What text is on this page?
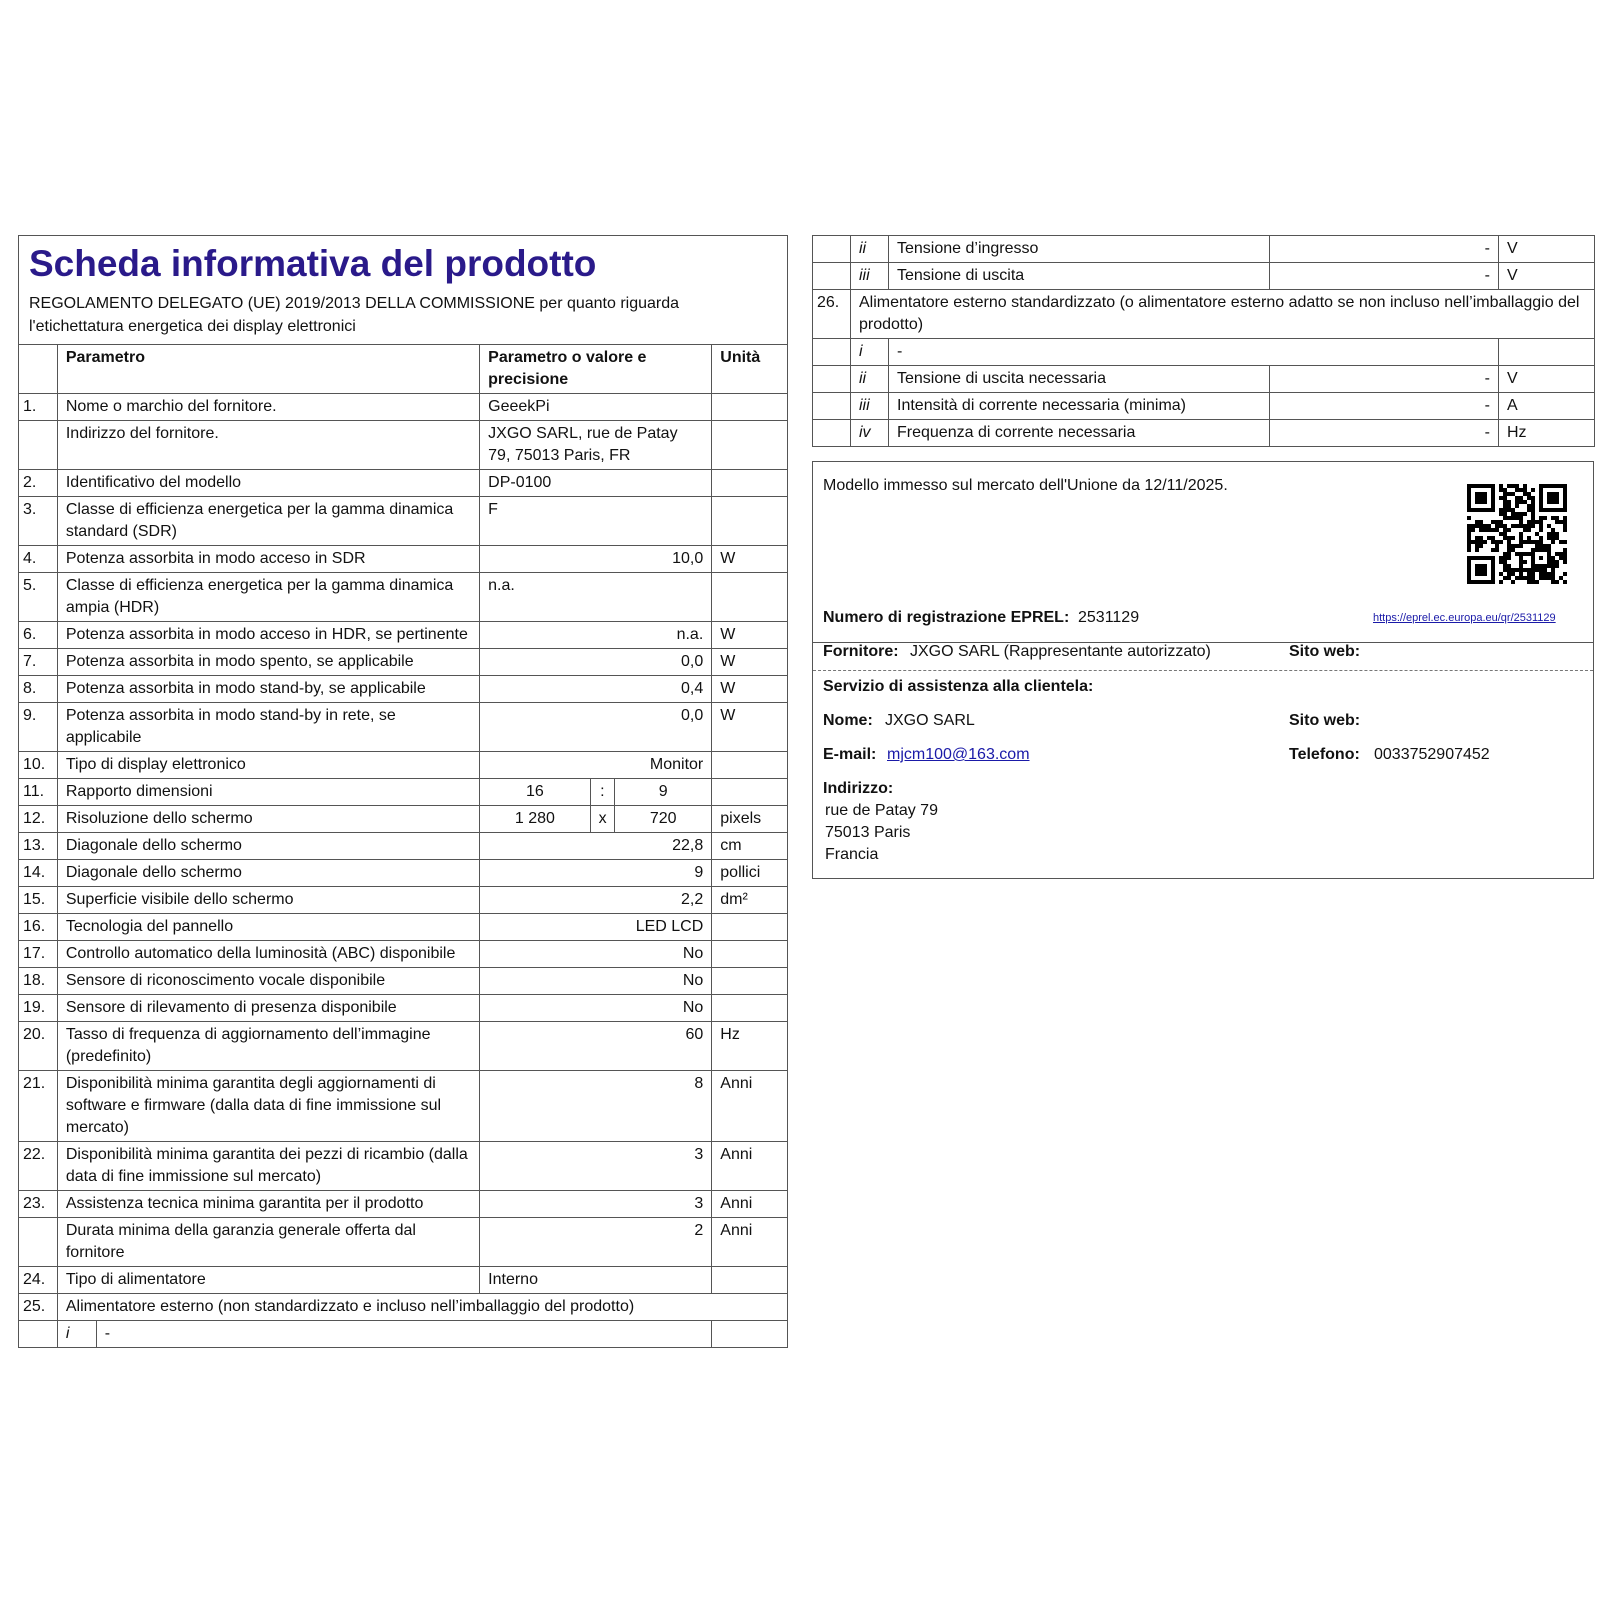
Scheda informativa del prodotto
REGOLAMENTO DELEGATO (UE) 2019/2013 DELLA COMMISSIONE per quanto riguarda l'etichettatura energetica dei display elettronici
	Parametro		Parametro o valore e precisione			Unità
1.	Nome o marchio del fornitore.		GeeekPi			
	Indirizzo del fornitore.		JXGO SARL, rue de Patay 79, 75013 Paris, FR			
2.	Identificativo del modello		DP-0100			
3.	Classe di efficienza energetica per la gamma dinamica standard (SDR)		F			
4.	Potenza assorbita in modo acceso in SDR		10,0			W
5.	Classe di efficienza energetica per la gamma dinamica ampia (HDR)		n.a.			
6.	Potenza assorbita in modo acceso in HDR, se pertinente		n.a.			W
7.	Potenza assorbita in modo spento, se applicabile		0,0			W
8.	Potenza assorbita in modo stand-by, se applicabile		0,4			W
9.	Potenza assorbita in modo stand-by in rete, se applicabile		0,0			W
10.	Tipo di display elettronico		Monitor			
11.	Rapporto dimensioni		16	:	9	
12.	Risoluzione dello schermo		1 280	x	720	pixels
13.	Diagonale dello schermo		22,8			cm
14.	Diagonale dello schermo		9			pollici
15.	Superficie visibile dello schermo		2,2			dm²
16.	Tecnologia del pannello		LED LCD			
17.	Controllo automatico della luminosità (ABC) disponibile		No			
18.	Sensore di riconoscimento vocale disponibile		No			
19.	Sensore di rilevamento di presenza disponibile		No			
20.	Tasso di frequenza di aggiornamento dell’immagine (predefinito)		60			Hz
21.	Disponibilità minima garantita degli aggiornamenti di software e firmware (dalla data di fine immissione sul mercato)		8			Anni
22.	Disponibilità minima garantita dei pezzi di ricambio (dalla data di fine immissione sul mercato)		3			Anni
23.	Assistenza tecnica minima garantita per il prodotto		3			Anni
	Durata minima della garanzia generale offerta dal fornitore		2			Anni
24.	Tipo di alimentatore		Interno			
25.	Alimentatore esterno (non standardizzato e incluso nell’imballaggio del prodotto)					
	i	-				
	ii	Tensione d’ingresso	-	V
	iii	Tensione di uscita	-	V
26.	Alimentatore esterno standardizzato (o alimentatore esterno adatto se non incluso nell’imballaggio del prodotto)			
	i	-		
	ii	Tensione di uscita necessaria	-	V
	iii	Intensità di corrente necessaria (minima)	-	A
	iv	Frequenza di corrente necessaria	-	Hz
Modello immesso sul mercato dell'Unione da 12/11/2025.
Numero di registrazione EPREL: 2531129	https://eprel.ec.europa.eu/qr/2531129
Fornitore: JXGO SARL (Rappresentante autorizzato)	Sito web:
Servizio di assistenza alla clientela:
Nome: JXGO SARL	Sito web:
E-mail: mjcm100@163.com	Telefono: 0033752907452
Indirizzo:
rue de Patay 79
75013 Paris
Francia
